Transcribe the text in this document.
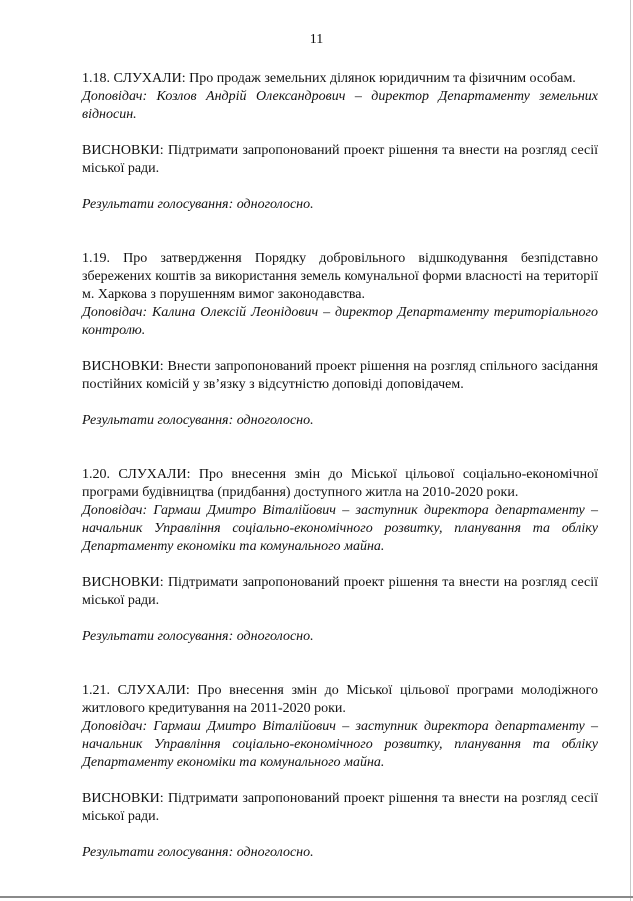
11

1.18. СЛУХАЛИ: Про продаж земельних ділянок юридичним та фізичним особам.

Доповідач: Козлов Андрій Олександрович – директор Департаменту земельних відносин.

ВИСНОВКИ: Підтримати запропонований проект рішення та внести на розгляд сесії міської ради.

Результати голосування: одноголосно.

1.19. Про затвердження Порядку добровільного відшкодування безпідставно збережених коштів за використання земель комунальної форми власності на території м. Харкова з порушенням вимог законодавства.

Доповідач: Калина Олексій Леонідович – директор Департаменту територіального контролю.

ВИСНОВКИ: Внести запропонований проект рішення на розгляд спільного засідання постійних комісій у зв’язку з відсутністю доповіді доповідачем.

Результати голосування: одноголосно.

1.20. СЛУХАЛИ: Про внесення змін до Міської цільової соціально-економічної програми будівництва (придбання) доступного житла на 2010-2020 роки.

Доповідач: Гармаш Дмитро Віталійович – заступник директора департаменту – начальник Управління соціально-економічного розвитку, планування та обліку Департаменту економіки та комунального майна.

ВИСНОВКИ: Підтримати запропонований проект рішення та внести на розгляд сесії міської ради.

Результати голосування: одноголосно.

1.21. СЛУХАЛИ: Про внесення змін до Міської цільової програми молодіжного житлового кредитування на 2011-2020 роки.

Доповідач: Гармаш Дмитро Віталійович – заступник директора департаменту – начальник Управління соціально-економічного розвитку, планування та обліку Департаменту економіки та комунального майна.

ВИСНОВКИ: Підтримати запропонований проект рішення та внести на розгляд сесії міської ради.

Результати голосування: одноголосно.
